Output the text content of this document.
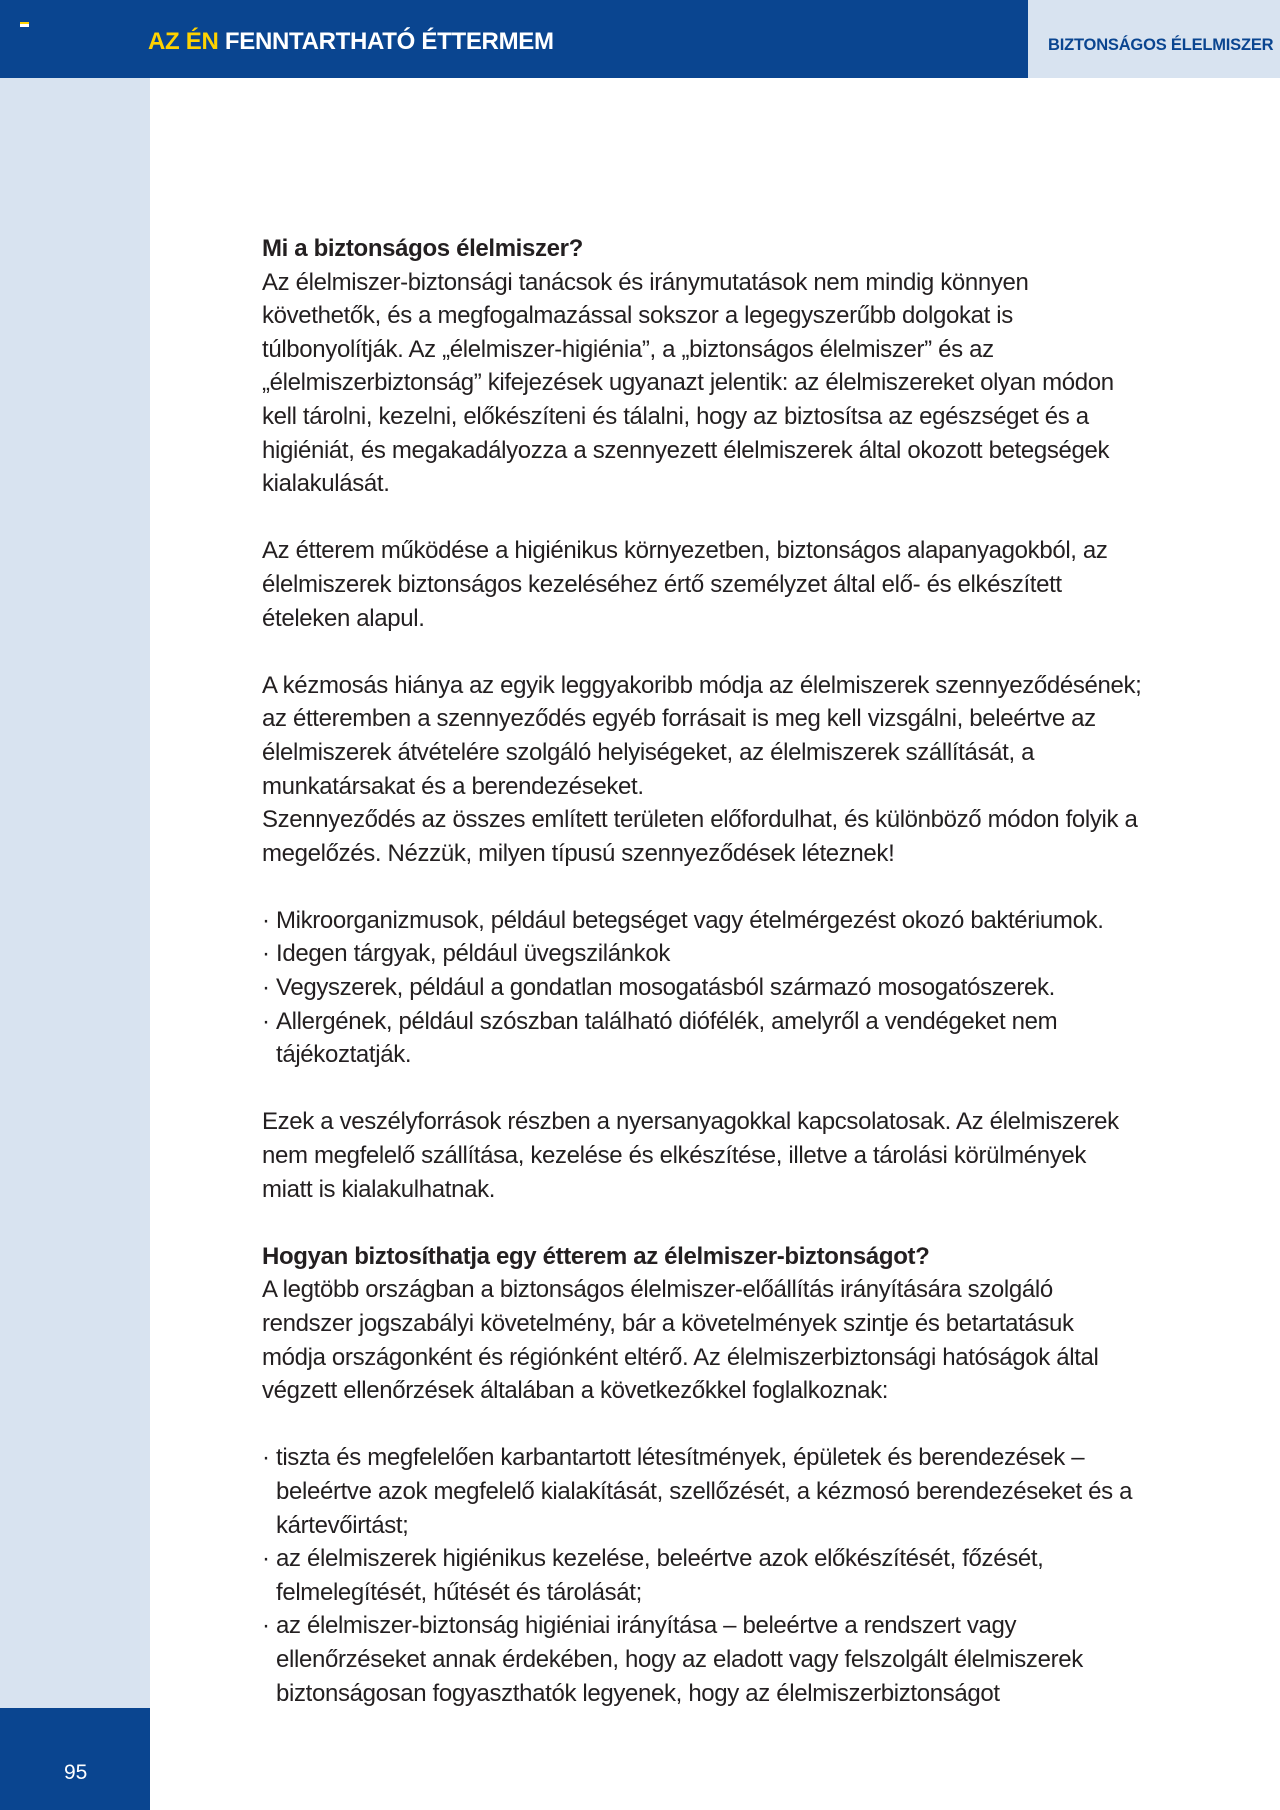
AZ ÉN FENNTARTHATÓ ÉTTERMEM	BIZTONSÁGOS ÉLELMISZER
95
Mi a biztonságos élelmiszer?

Az élelmiszer-biztonsági tanácsok és iránymutatások nem mindig könnyen követhetők, és a megfogalmazással sokszor a legegyszerűbb dolgokat is túlbonyolítják. Az „élelmiszer-higiénia”, a „biztonságos élelmiszer” és az „élelmiszerbiztonság” kifejezések ugyanazt jelentik: az élelmiszereket olyan módon kell tárolni, kezelni, előkészíteni és tálalni, hogy az biztosítsa az egészséget és a higiéniát, és megakadályozza a szennyezett élelmiszerek által okozott betegségek kialakulását.

Az étterem működése a higiénikus környezetben, biztonságos alapanyagokból, az élelmiszerek biztonságos kezeléséhez értő személyzet által elő- és elkészített ételeken alapul.

A kézmosás hiánya az egyik leggyakoribb módja az élelmiszerek szennyeződésének; az étteremben a szennyeződés egyéb forrásait is meg kell vizsgálni, beleértve az élelmiszerek átvételére szolgáló helyiségeket, az élelmiszerek szállítását, a munkatársakat és a berendezéseket.

Szennyeződés az összes említett területen előfordulhat, és különböző módon folyik a megelőzés. Nézzük, milyen típusú szennyeződések léteznek!

· Mikroorganizmusok, például betegséget vagy ételmérgezést okozó baktériumok.
· Idegen tárgyak, például üvegszilánkok
· Vegyszerek, például a gondatlan mosogatásból származó mosogatószerek.
· Allergének, például szószban található diófélék, amelyről a vendégeket nem tájékoztatják.

Ezek a veszélyforrások részben a nyersanyagokkal kapcsolatosak. Az élelmiszerek nem megfelelő szállítása, kezelése és elkészítése, illetve a tárolási körülmények miatt is kialakulhatnak.

Hogyan biztosíthatja egy étterem az élelmiszer-biztonságot?

A legtöbb országban a biztonságos élelmiszer-előállítás irányítására szolgáló rendszer jogszabályi követelmény, bár a követelmények szintje és betartatásuk módja országonként és régiónként eltérő. Az élelmiszerbiztonsági hatóságok által végzett ellenőrzések általában a következőkkel foglalkoznak:

· tiszta és megfelelően karbantartott létesítmények, épületek és berendezések – beleértve azok megfelelő kialakítását, szellőzését, a kézmosó berendezéseket és a kártevőirtást;
· az élelmiszerek higiénikus kezelése, beleértve azok előkészítését, főzését, felmelegítését, hűtését és tárolását;
· az élelmiszer-biztonság higiéniai irányítása – beleértve a rendszert vagy ellenőrzéseket annak érdekében, hogy az eladott vagy felszolgált élelmiszerek biztonságosan fogyaszthatók legyenek, hogy az élelmiszerbiztonságot
